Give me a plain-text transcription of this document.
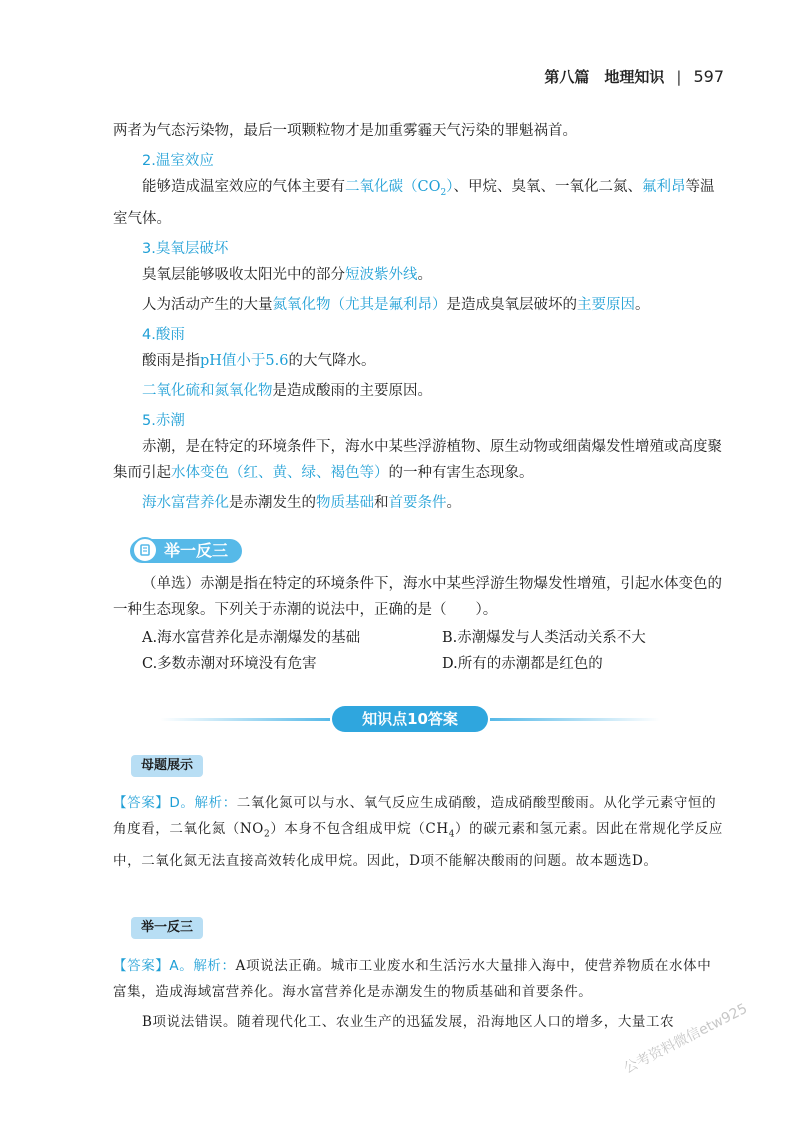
第八篇　地理知识 | 597

两者为气态污染物，最后一项颗粒物才是加重雾霾天气污染的罪魁祸首。

2.温室效应

能够造成温室效应的气体主要有二氧化碳$(CO_2)$、甲烷、臭氧、一氧化二氮、氟利昂等温室气体。

3.臭氧层破坏

臭氧层能够吸收太阳光中的部分短波紫外线。

人为活动产生的大量氮氧化物（尤其是氟利昂）是造成臭氧层破坏的主要原因。

4.酸雨

酸雨是指pH值小于5.6的大气降水。

二氧化硫和氮氧化物是造成酸雨的主要原因。

5.赤潮

赤潮，是在特定的环境条件下，海水中某些浮游植物、原生动物或细菌爆发性增殖或高度聚集而引起水体变色（红、黄、绿、褐色等）的一种有害生态现象。

海水富营养化是赤潮发生的物质基础和首要条件。

举一反三

（单选）赤潮是指在特定的环境条件下，海水中某些浮游生物爆发性增殖，引起水体变色的一种生态现象。下列关于赤潮的说法中，正确的是（　　）。

A.海水富营养化是赤潮爆发的基础	B.赤潮爆发与人类活动关系不大
C.多数赤潮对环境没有危害	D.所有的赤潮都是红色的
知识点10答案
母题展示

【答案】D。解析：二氧化氮可以与水、氧气反应生成硝酸，造成硝酸型酸雨。从化学元素守恒的角度看，二氧化氮$(NO_2)$本身不包含组成甲烷$(CH_4)$的碳元素和氢元素。因此在常规化学反应中，二氧化氮无法直接高效转化成甲烷。因此，D项不能解决酸雨的问题。故本题选D。

举一反三

【答案】A。解析：A项说法正确。城市工业废水和生活污水大量排入海中，使营养物质在水体中富集，造成海域富营养化。海水富营养化是赤潮发生的物质基础和首要条件。

B项说法错误。随着现代化工、农业生产的迅猛发展，沿海地区人口的增多，大量工农

公考资料微信etw925
